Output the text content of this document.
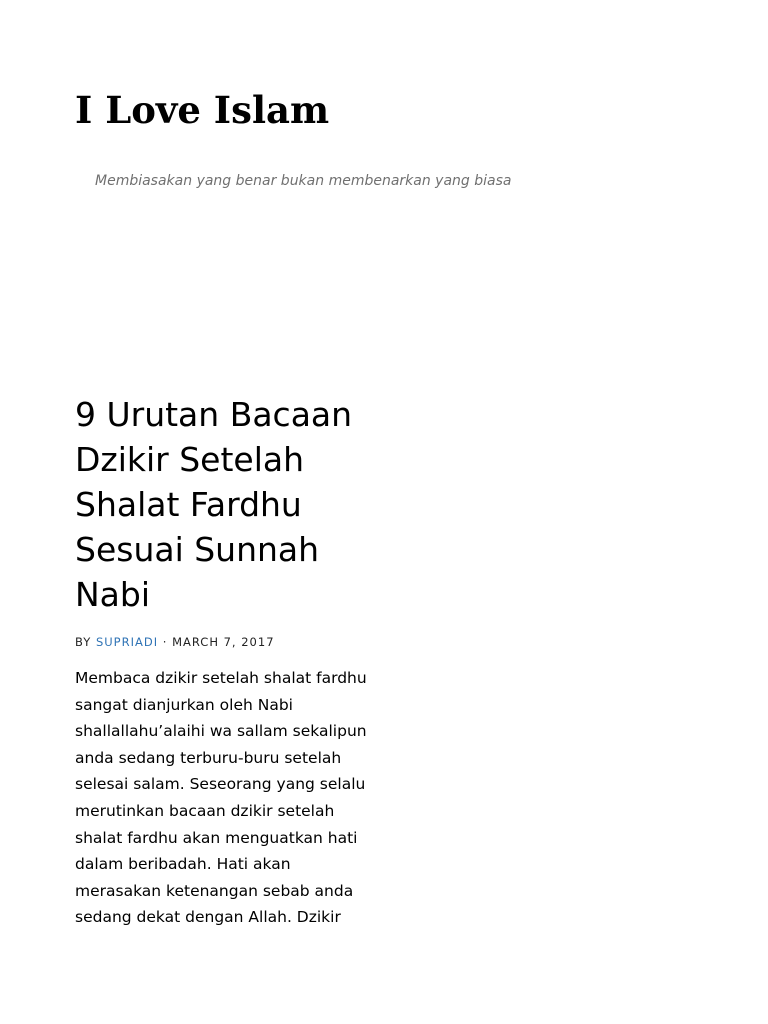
I Love Islam

Membiasakan yang benar bukan membenarkan yang biasa

9 Urutan Bacaan Dzikir Setelah Shalat Fardhu Sesuai Sunnah Nabi
BY SUPRIADI · MARCH 7, 2017

Membaca dzikir setelah shalat fardhu sangat dianjurkan oleh Nabi shallallahu’alaihi wa sallam sekalipun anda sedang terburu-buru setelah selesai salam. Seseorang yang selalu merutinkan bacaan dzikir setelah shalat fardhu akan menguatkan hati dalam beribadah. Hati akan merasakan ketenangan sebab anda sedang dekat dengan Allah. Dzikir
